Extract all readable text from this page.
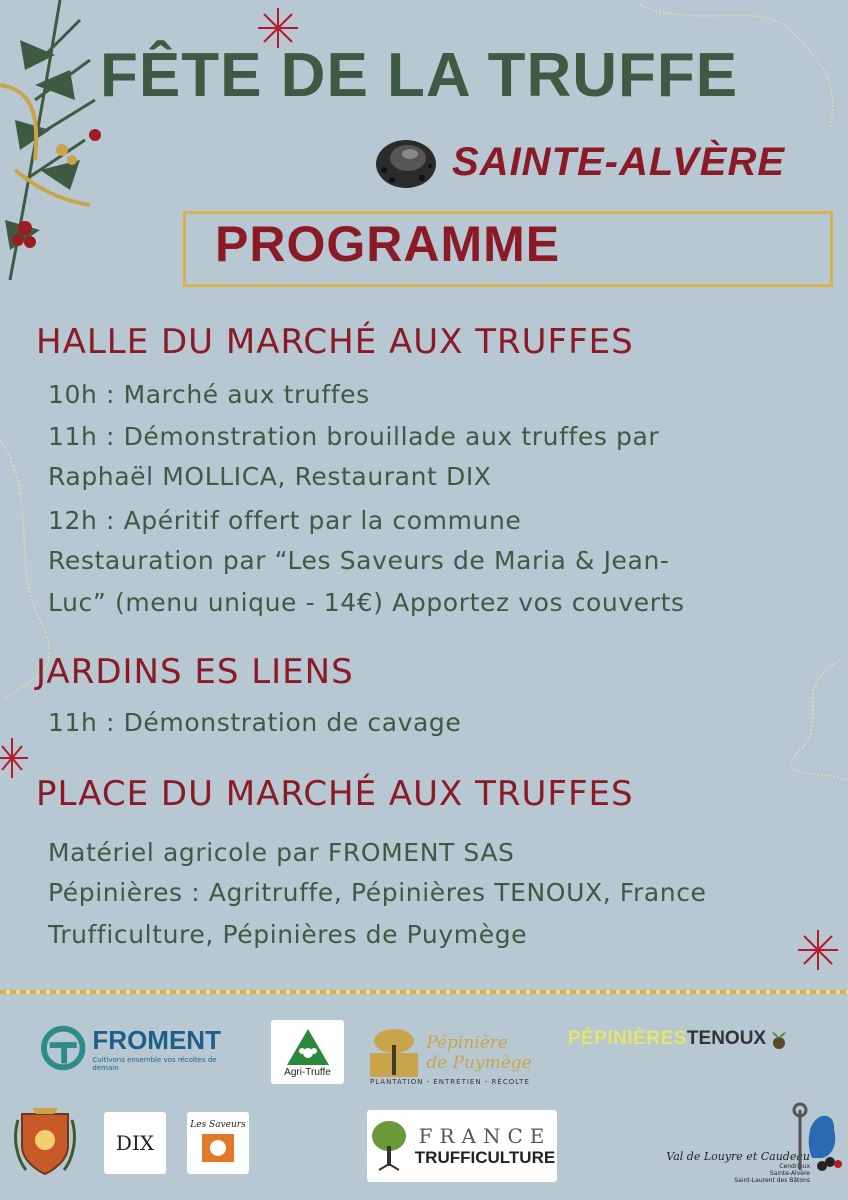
FÊTE DE LA TRUFFE
SAINTE-ALVÈRE
PROGRAMME
HALLE DU MARCHÉ AUX TRUFFES
10h : Marché aux truffes
11h : Démonstration brouillade aux truffes par
Raphaël MOLLICA, Restaurant DIX
12h : Apéritif offert par la commune
Restauration par “Les Saveurs de Maria & Jean-
Luc” (menu unique - 14€) Apportez vos couverts
JARDINS ES LIENS
11h : Démonstration de cavage
PLACE DU MARCHÉ AUX TRUFFES
Matériel agricole par FROMENT SAS
Pépinières : Agritruffe, Pépinières TENOUX, France
Trufficulture, Pépinières de Puymège
FROMENT
Cultivons ensemble vos récoltes de demain	Agri-Truffe
Pépinière
de Puymège
PLANTATION - ENTRETIEN - RÉCOLTE
PÉPINIÈRES TENOUX
DIX
Les Saveurs	FRANCE
TRUFFICULTURE	Val de Louyre et Caudeau
Cendrieux
Sainte-Alvère
Saint-Laurent des Bâtons
